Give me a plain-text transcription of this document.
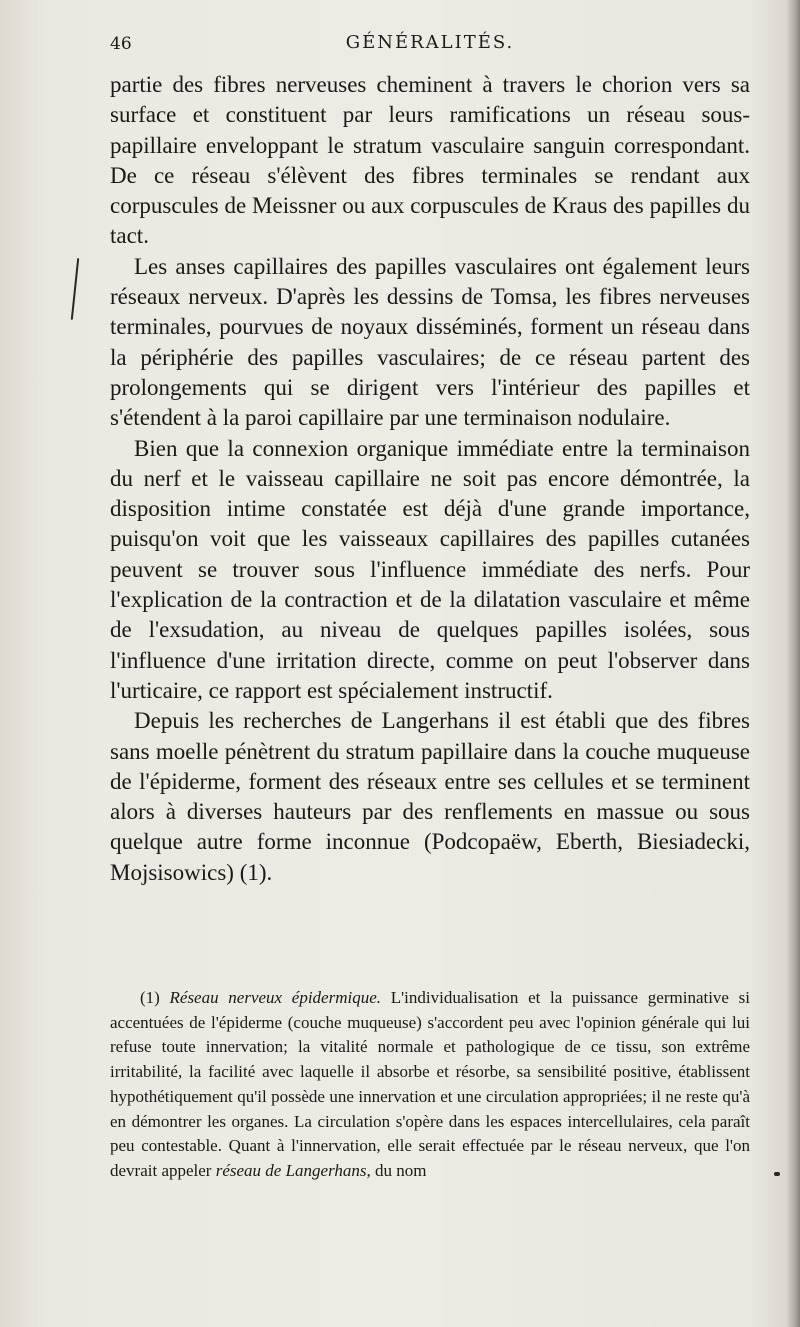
46	GÉNÉRALITÉS.

partie des fibres nerveuses cheminent à travers le chorion vers sa surface et constituent par leurs ramifications un réseau sous-papillaire enveloppant le stratum vasculaire sanguin correspondant. De ce réseau s'élèvent des fibres terminales se rendant aux corpuscules de Meissner ou aux corpuscules de Kraus des papilles du tact.

Les anses capillaires des papilles vasculaires ont également leurs réseaux nerveux. D'après les dessins de Tomsa, les fibres nerveuses terminales, pourvues de noyaux disséminés, forment un réseau dans la périphérie des papilles vasculaires; de ce réseau partent des prolongements qui se dirigent vers l'intérieur des papilles et s'étendent à la paroi capillaire par une terminaison nodulaire.

Bien que la connexion organique immédiate entre la terminaison du nerf et le vaisseau capillaire ne soit pas encore démontrée, la disposition intime constatée est déjà d'une grande importance, puisqu'on voit que les vaisseaux capillaires des papilles cutanées peuvent se trouver sous l'influence immédiate des nerfs. Pour l'explication de la contraction et de la dilatation vasculaire et même de l'exsudation, au niveau de quelques papilles isolées, sous l'influence d'une irritation directe, comme on peut l'observer dans l'urticaire, ce rapport est spécialement instructif.

Depuis les recherches de Langerhans il est établi que des fibres sans moelle pénètrent du stratum papillaire dans la couche muqueuse de l'épiderme, forment des réseaux entre ses cellules et se terminent alors à diverses hauteurs par des renflements en massue ou sous quelque autre forme inconnue (Podcopaëw, Eberth, Biesiadecki, Mojsisowics) (1).

(1) Réseau nerveux épidermique. L'individualisation et la puissance germinative si accentuées de l'épiderme (couche muqueuse) s'accordent peu avec l'opinion générale qui lui refuse toute innervation; la vitalité normale et pathologique de ce tissu, son extrême irritabilité, la facilité avec laquelle il absorbe et résorbe, sa sensibilité positive, établissent hypothétiquement qu'il possède une innervation et une circulation appropriées; il ne reste qu'à en démontrer les organes. La circulation s'opère dans les espaces intercellulaires, cela paraît peu contestable. Quant à l'innervation, elle serait effectuée par le réseau nerveux, que l'on devrait appeler réseau de Langerhans, du nom
